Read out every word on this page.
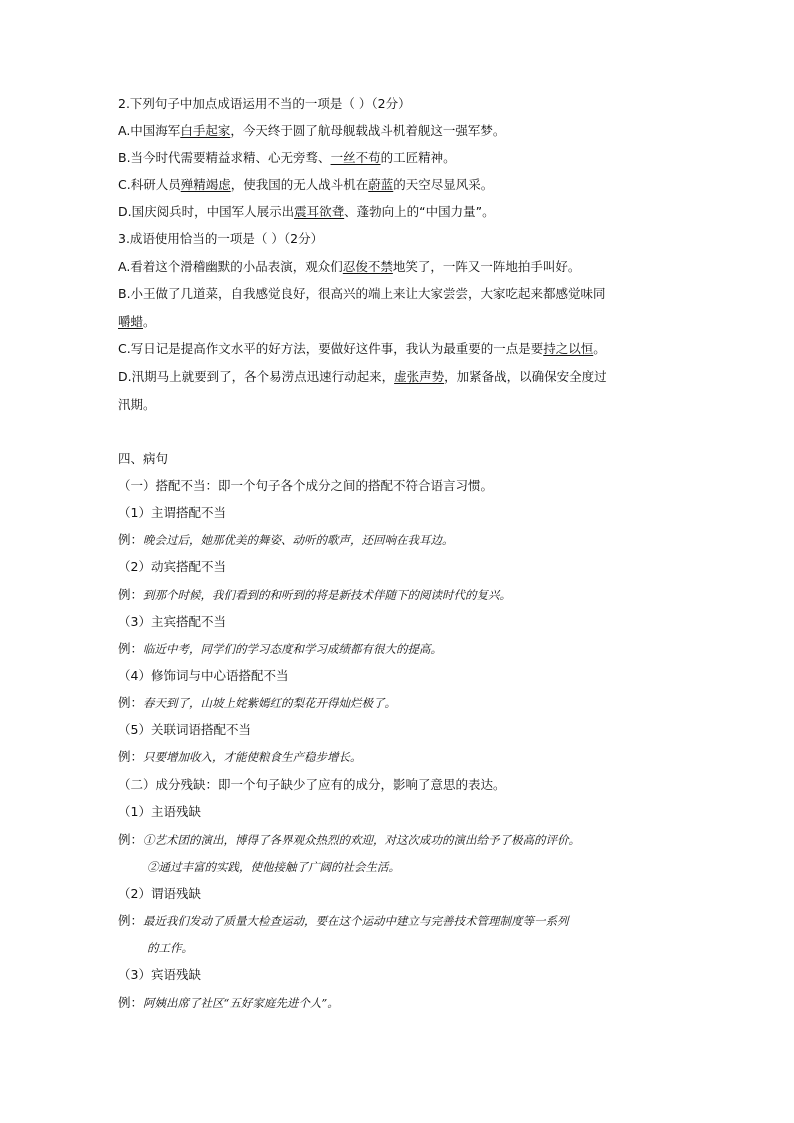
2.下列句子中加点成语运用不当的一项是（ ）（2分）
A.中国海军白手起家，今天终于圆了航母舰载战斗机着舰这一强军梦。
B.当今时代需要精益求精、心无旁骛、一丝不苟的工匠精神。
C.科研人员殚精竭虑，使我国的无人战斗机在蔚蓝的天空尽显风采。
D.国庆阅兵时，中国军人展示出震耳欲聋、蓬勃向上的“中国力量”。
3.成语使用恰当的一项是（ ）（2分）
A.看着这个滑稽幽默的小品表演，观众们忍俊不禁地笑了，一阵又一阵地拍手叫好。
B.小王做了几道菜，自我感觉良好，很高兴的端上来让大家尝尝，大家吃起来都感觉味同
嚼蜡。
C.写日记是提高作文水平的好方法，要做好这件事，我认为最重要的一点是要持之以恒。
D.汛期马上就要到了，各个易涝点迅速行动起来，虚张声势，加紧备战，以确保安全度过
汛期。
四、病句
（一）搭配不当：即一个句子各个成分之间的搭配不符合语言习惯。
（1）主谓搭配不当
例：晚会过后，她那优美的舞姿、动听的歌声，还回响在我耳边。
（2）动宾搭配不当
例：到那个时候，我们看到的和听到的将是新技术伴随下的阅读时代的复兴。
（3）主宾搭配不当
例：临近中考，同学们的学习态度和学习成绩都有很大的提高。
（4）修饰词与中心语搭配不当
例：春天到了，山坡上姹紫嫣红的梨花开得灿烂极了。
（5）关联词语搭配不当
例：只要增加收入，才能使粮食生产稳步增长。
（二）成分残缺：即一个句子缺少了应有的成分，影响了意思的表达。
（1）主语残缺
例：①艺术团的演出，博得了各界观众热烈的欢迎，对这次成功的演出给予了极高的评价。
②通过丰富的实践，使他接触了广阔的社会生活。
（2）谓语残缺
例：最近我们发动了质量大检查运动，要在这个运动中建立与完善技术管理制度等一系列
的工作。
（3）宾语残缺
例：阿姨出席了社区“五好家庭先进个人”。
